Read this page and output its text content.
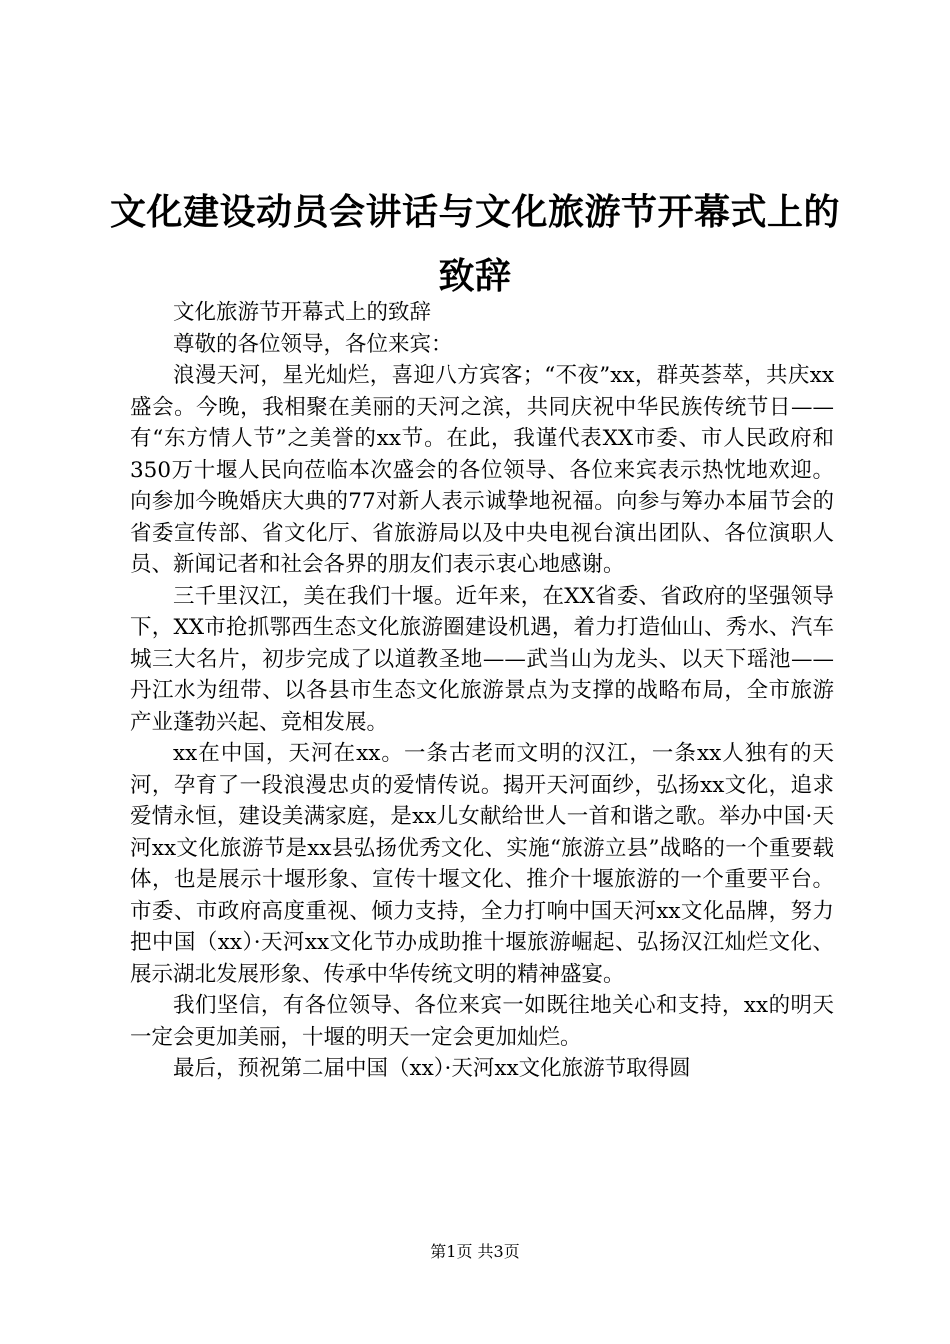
文化建设动员会讲话与文化旅游节开幕式上的致辞

文化旅游节开幕式上的致辞

尊敬的各位领导，各位来宾：

浪漫天河，星光灿烂，喜迎八方宾客；“不夜”xx，群英荟萃，共庆xx盛会。今晚，我相聚在美丽的天河之滨，共同庆祝中华民族传统节日——有“东方情人节”之美誉的xx节。在此，我谨代表XX市委、市人民政府和350万十堰人民向莅临本次盛会的各位领导、各位来宾表示热忱地欢迎。向参加今晚婚庆大典的77对新人表示诚挚地祝福。向参与筹办本届节会的省委宣传部、省文化厅、省旅游局以及中央电视台演出团队、各位演职人员、新闻记者和社会各界的朋友们表示衷心地感谢。

三千里汉江，美在我们十堰。近年来，在XX省委、省政府的坚强领导下，XX市抢抓鄂西生态文化旅游圈建设机遇，着力打造仙山、秀水、汽车城三大名片，初步完成了以道教圣地——武当山为龙头、以天下瑶池——丹江水为纽带、以各县市生态文化旅游景点为支撑的战略布局，全市旅游产业蓬勃兴起、竞相发展。

xx在中国，天河在xx。一条古老而文明的汉江，一条xx人独有的天河，孕育了一段浪漫忠贞的爱情传说。揭开天河面纱，弘扬xx文化，追求爱情永恒，建设美满家庭，是xx儿女献给世人一首和谐之歌。举办中国·天河xx文化旅游节是xx县弘扬优秀文化、实施“旅游立县”战略的一个重要载体，也是展示十堰形象、宣传十堰文化、推介十堰旅游的一个重要平台。市委、市政府高度重视、倾力支持，全力打响中国天河xx文化品牌，努力把中国（xx）·天河xx文化节办成助推十堰旅游崛起、弘扬汉江灿烂文化、展示湖北发展形象、传承中华传统文明的精神盛宴。

我们坚信，有各位领导、各位来宾一如既往地关心和支持，xx的明天一定会更加美丽，十堰的明天一定会更加灿烂。

最后，预祝第二届中国（xx）·天河xx文化旅游节取得圆

第1页 共3页
